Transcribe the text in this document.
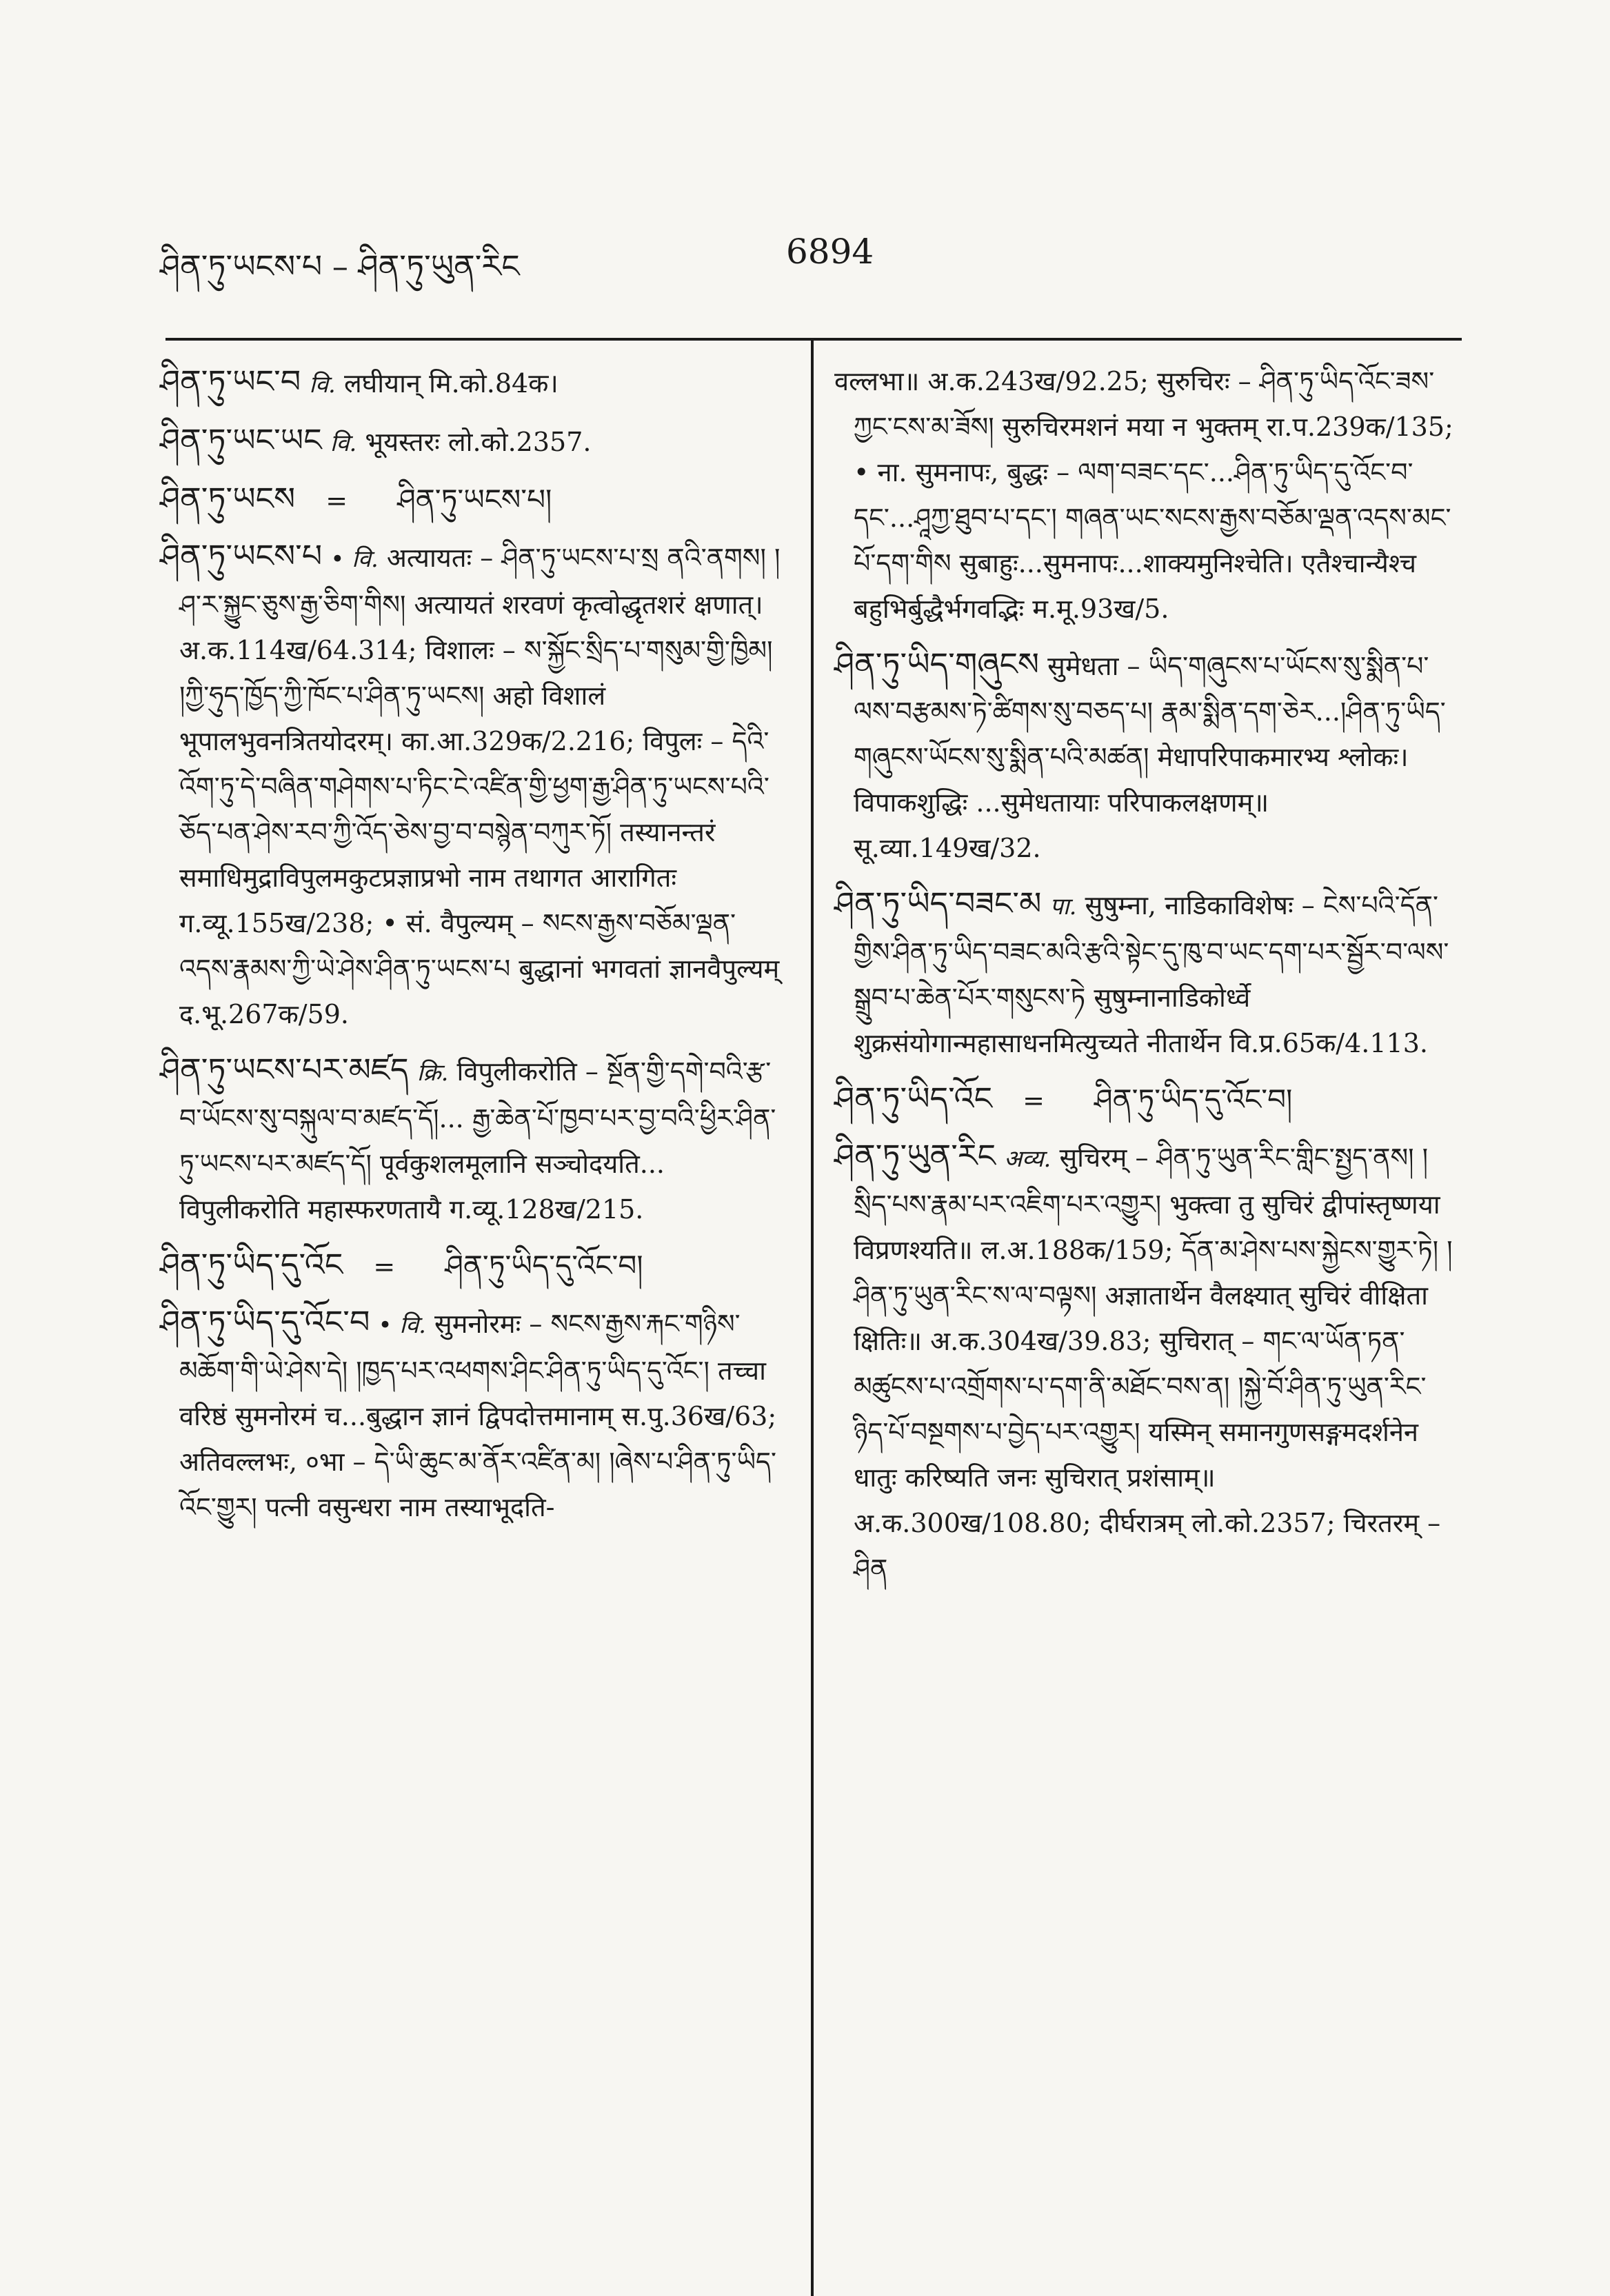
ཤིན་ཏུ་ཡངས་པ – ཤིན་ཏུ་ཡུན་རིང	6894

ཤིན་ཏུ་ཡང་བ वि. लघीयान् मि.को.84क।

ཤིན་ཏུ་ཡང་ཡང वि. भूयस्तरः लो.को.2357.

ཤིན་ཏུ་ཡངས = ཤིན་ཏུ་ཡངས་པ།

ཤིན་ཏུ་ཡངས་པ • वि. अत्यायतः – ཤིན་ཏུ་ཡངས་པ་སྲ ནའི་ནགས། །ཤ་ར་སྐྱུང་ཅུས་རྒྱ་ཅིག་གིས། अत्यायतं शरवणं कृत्वोद्धृतशरं क्षणात्। अ.क.114ख/64.314; विशालः – ས་སྐྱོང་སྲིད་པ་གསུམ་གྱི་ཁྱིམ། །ཀྱི་ཧུད་ཁྱོད་ཀྱི་ཁོང་པ་ཤིན་ཏུ་ཡངས། अहो विशालं भूपालभुवनत्रितयोदरम्। का.आ.329क/2.216; विपुलः – དེའི་འོག་ཏུ་དེ་བཞིན་གཤེགས་པ་ཏིང་ངེ་འཛིན་གྱི་ཕྱག་རྒྱ་ཤིན་ཏུ་ཡངས་པའི་ཅོད་པན་ཤེས་རབ་ཀྱི་འོད་ཅེས་བྱ་བ་བསྙེན་བཀུར་ཏོ། तस्यानन्तरं समाधिमुद्राविपुलमकुटप्रज्ञाप्रभो नाम तथागत आरागितः ग.व्यू.155ख/238; • सं. वैपुल्यम् – སངས་རྒྱས་བཅོམ་ལྡན་འདས་རྣམས་ཀྱི་ཡེ་ཤེས་ཤིན་ཏུ་ཡངས་པ बुद्धानां भगवतां ज्ञानवैपुल्यम् द.भू.267क/59.

ཤིན་ཏུ་ཡངས་པར་མཛད क्रि. विपुलीकरोति – སྔོན་གྱི་དགེ་བའི་རྩ་བ་ཡོངས་སུ་བསྐུལ་བ་མཛད་དོ།... རྒྱ་ཆེན་པོ་ཁྱབ་པར་བྱ་བའི་ཕྱིར་ཤིན་ཏུ་ཡངས་པར་མཛད་དོ། पूर्वकुशलमूलानि सञ्चोदयति... विपुलीकरोति महास्फरणतायै ग.व्यू.128ख/215.

ཤིན་ཏུ་ཡིད་དུ་འོང = ཤིན་ཏུ་ཡིད་དུ་འོང་བ།

ཤིན་ཏུ་ཡིད་དུ་འོང་བ • वि. सुमनोरमः – སངས་རྒྱས་རྐང་གཉིས་མཆོག་གི་ཡེ་ཤེས་དེ། །ཁྱད་པར་འཕགས་ཤིང་ཤིན་ཏུ་ཡིད་དུ་འོང་། तच्चा वरिष्ठं सुमनोरमं च...बुद्धान ज्ञानं द्विपदोत्तमानाम् स.पु.36ख/63; अतिवल्लभः, ०भा – དེ་ཡི་ཆུང་མ་ནོར་འཛིན་མ། །ཞེས་པ་ཤིན་ཏུ་ཡིད་འོང་གྱུར། पत्नी वसुन्धरा नाम तस्याभूदति-

वल्लभा॥ अ.क.243ख/92.25; सुरुचिरः – ཤིན་ཏུ་ཡིད་འོང་ཟས་ཀྱང་ངས་མ་ཟོས། सुरुचिरमशनं मया न भुक्तम् रा.प.239क/135; • ना. सुमनापः, बुद्धः – ལག་བཟང་དང་...ཤིན་ཏུ་ཡིད་དུ་འོང་བ་དང་...ཤཱཀྱ་ཐུབ་པ་དང་། གཞན་ཡང་སངས་རྒྱས་བཅོམ་ལྡན་འདས་མང་པོ་དག་གིས सुबाहुः...सुमनापः...शाक्यमुनिश्चेति। एतैश्चान्यैश्च बहुभिर्बुद्धैर्भगवद्भिः म.मू.93ख/5.

ཤིན་ཏུ་ཡིད་གཞུངས सुमेधता – ཡིད་གཞུངས་པ་ཡོངས་སུ་སྨིན་པ་ལས་བརྩམས་ཏེ་ཚིགས་སུ་བཅད་པ། རྣམ་སྨིན་དག་ཅེར...།ཤིན་ཏུ་ཡིད་གཞུངས་ཡོངས་སུ་སྨིན་པའི་མཚན། मेधापरिपाकमारभ्य श्लोकः। विपाकशुद्धिः ...सुमेधतायाः परिपाकलक्षणम्॥ सू.व्या.149ख/32.

ཤིན་ཏུ་ཡིད་བཟང་མ पा. सुषुम्ना, नाडिकाविशेषः – ངེས་པའི་དོན་གྱིས་ཤིན་ཏུ་ཡིད་བཟང་མའི་རྩའི་སྟེང་དུ་ཁུ་བ་ཡང་དག་པར་སྦྱོར་བ་ལས་སྒྲུབ་པ་ཆེན་པོར་གསུངས་ཏེ सुषुम्नानाडिकोर्ध्वे शुक्रसंयोगान्महासाधनमित्युच्यते नीतार्थेन वि.प्र.65क/4.113.

ཤིན་ཏུ་ཡིད་འོང = ཤིན་ཏུ་ཡིད་དུ་འོང་བ།

ཤིན་ཏུ་ཡུན་རིང अव्य. सुचिरम् – ཤིན་ཏུ་ཡུན་རིང་གླིང་སྤྱད་ནས། །སྲིད་པས་རྣམ་པར་འཇིག་པར་འགྱུར། भुक्त्वा तु सुचिरं द्वीपांस्तृष्णया विप्रणश्यति॥ ल.अ.188क/159; དོན་མ་ཤེས་པས་སྐྱེངས་གྱུར་ཏེ། །ཤིན་ཏུ་ཡུན་རིང་ས་ལ་བལྟས། अज्ञातार्थेन वैलक्ष्यात् सुचिरं वीक्षिता क्षितिः॥ अ.क.304ख/39.83; सुचिरात् – གང་ལ་ཡོན་ཏན་མཚུངས་པ་འགྲོགས་པ་དག་ནི་མཐོང་བས་ན། །སྐྱེ་བོ་ཤིན་ཏུ་ཡུན་རིང་ཉིད་པོ་བསྔགས་པ་བྱེད་པར་འགྱུར། यस्मिन् समानगुणसङ्गमदर्शनेन धातुः करिष्यति जनः सुचिरात् प्रशंसाम्॥ अ.क.300ख/108.80; दीर्घरात्रम् लो.को.2357; चिरतरम् – ཤིན
